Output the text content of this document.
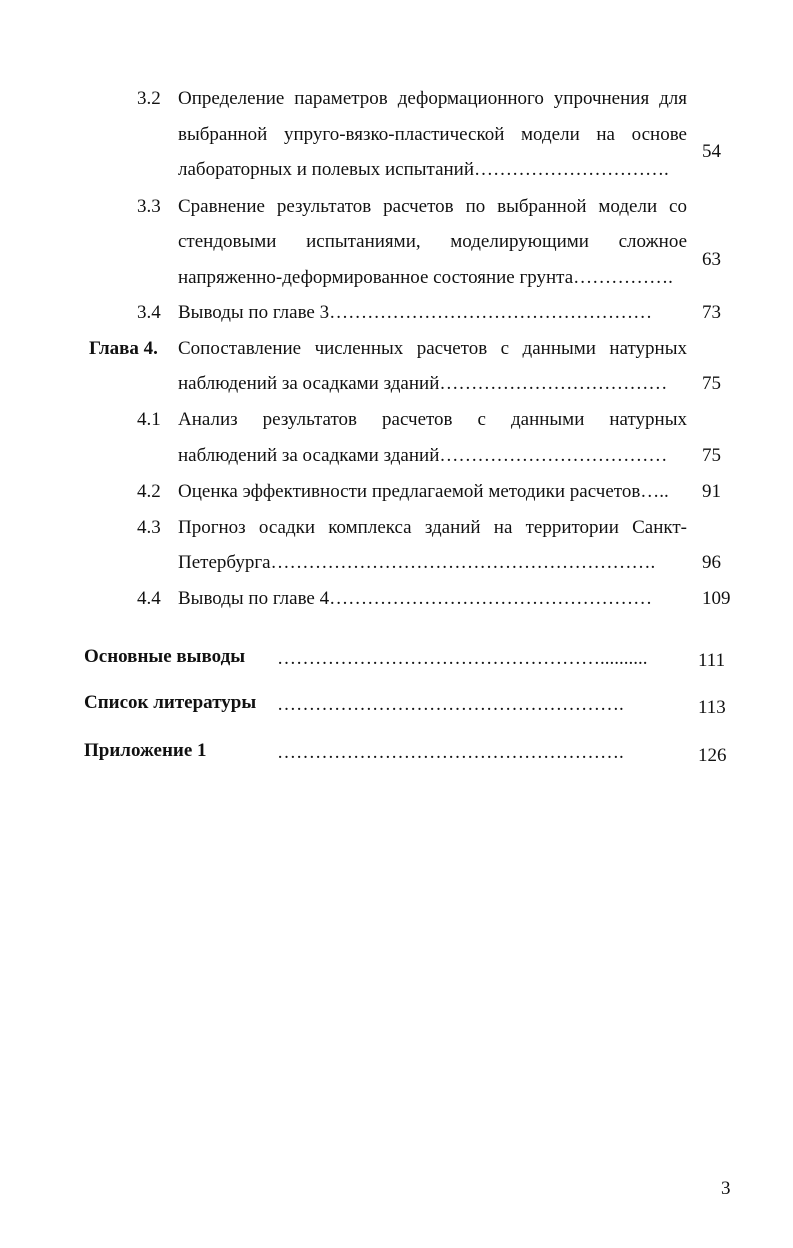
3.2 Определение параметров деформационного упрочнения для
выбранной упруго-вязко-пластической модели на основе
лабораторных и полевых испытаний………………………….
54
3.3 Сравнение результатов расчетов по выбранной модели со
стендовыми испытаниями, моделирующими сложное
напряженно-деформированное состояние грунта…………….
63
3.4 Выводы по главе 3……………………………………………	73
Глава 4. Сопоставление численных расчетов с данными натурных
наблюдений за осадками зданий……………………………… 75
4.1 Анализ результатов расчетов с данными натурных
наблюдений за осадками зданий……………………………… 75
4.2 Оценка эффективности предлагаемой методики расчетов….. 91
4.3 Прогноз осадки комплекса зданий на территории Санкт-
Петербурга……………………………………………………. 96
4.4 Выводы по главе 4……………………………………………	109
Основные выводы ……………………………………………..........	111
Список литературы ……………………………………………….	113
Приложение 1	……………………………………………….	126
3
